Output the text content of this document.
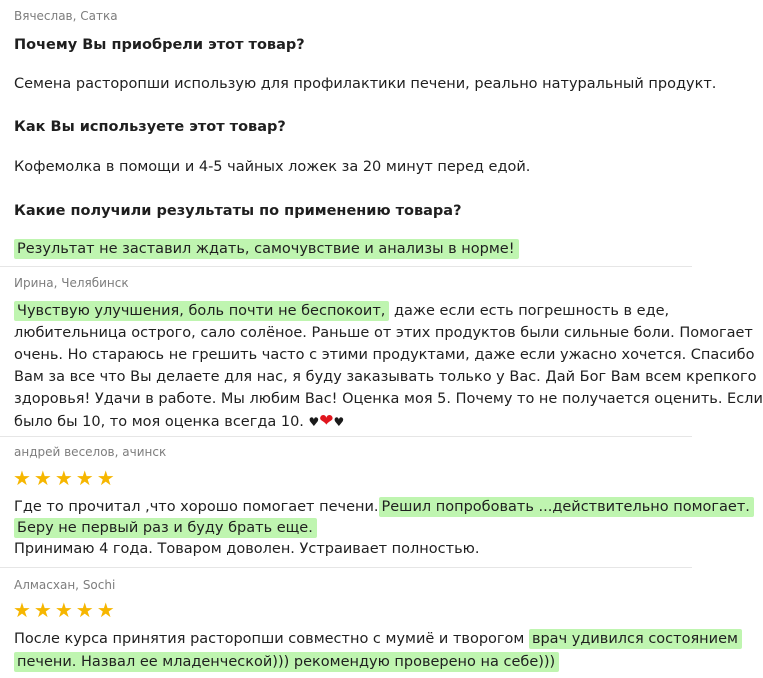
Вячеслав, Сатка
Почему Вы приобрели этот товар?
Семена расторопши использую для профилактики печени, реально натуральный продукт.
Как Вы используете этот товар?
Кофемолка в помощи и 4-5 чайных ложек за 20 минут перед едой.
Какие получили результаты по применению товара?
Результат не заставил ждать, самочувствие и анализы в норме!
Ирина, Челябинск
Чувствую улучшения, боль почти не беспокоит, даже если есть погрешность в еде,
любительница острого, сало солёное. Раньше от этих продуктов были сильные боли. Помогает
очень. Но стараюсь не грешить часто с этими продуктами, даже если ужасно хочется. Спасибо
Вам за все что Вы делаете для нас, я буду заказывать только у Вас. Дай Бог Вам всем крепкого
здоровья! Удачи в работе. Мы любим Вас! Оценка моя 5. Почему то не получается оценить. Если
было бы 10, то моя оценка всегда 10. ♥❤♥
андрей веселов, ачинск
★★★★★
Где то прочитал ,что хорошо помогает печени. Решил попробовать ...действительно помогает.
Беру не первый раз и буду брать еще.
Принимаю 4 года. Товаром доволен. Устраивает полностью.
Алмасхан, Sochi
★★★★★
После курса принятия расторопши совместно с мумиё и творогом врач удивился состоянием
печени. Назвал ее младенческой))) рекомендую проверено на себе)))
